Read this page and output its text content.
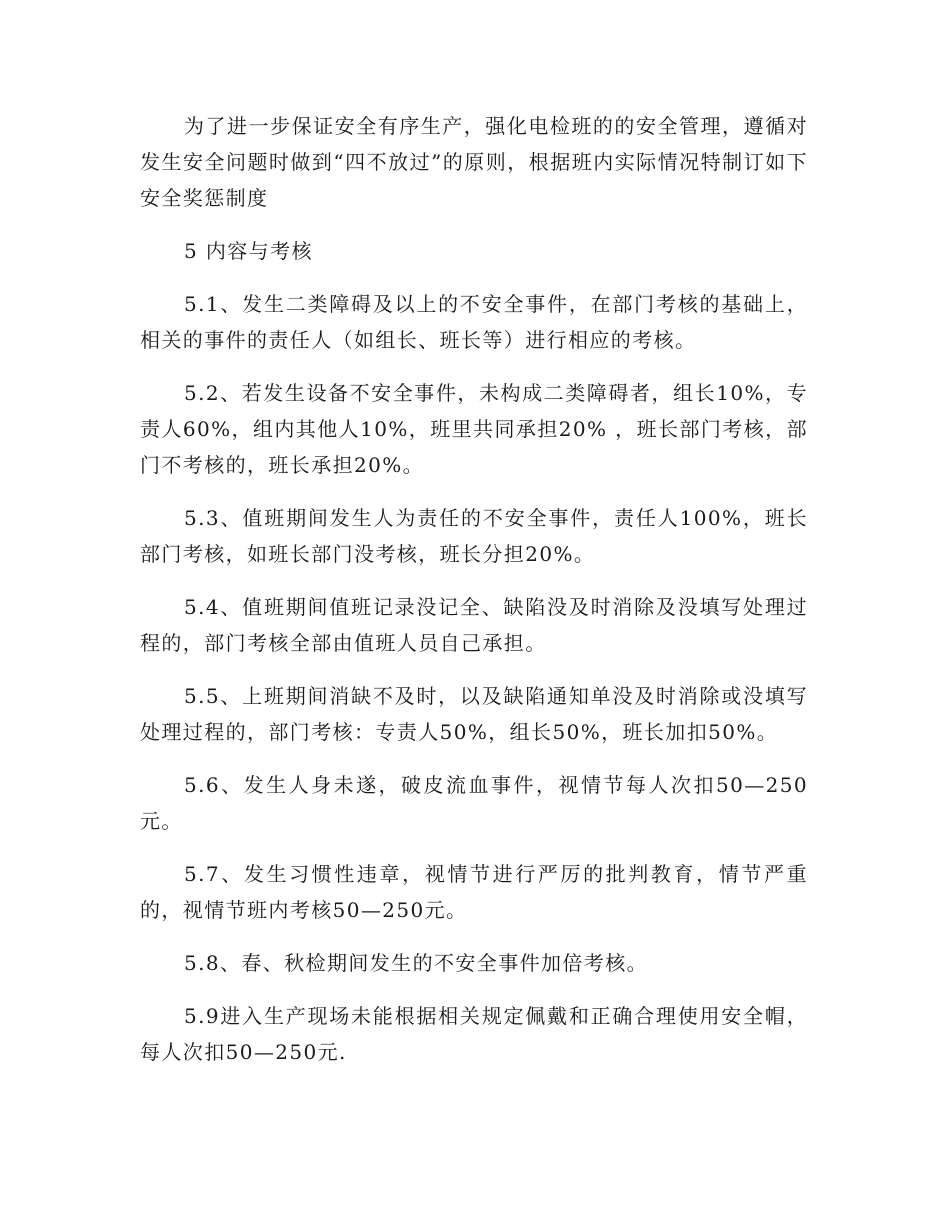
为了进一步保证安全有序生产，强化电检班的的安全管理，遵循对发生安全问题时做到“四不放过”的原则，根据班内实际情况特制订如下安全奖惩制度

5 内容与考核

5.1、发生二类障碍及以上的不安全事件，在部门考核的基础上，相关的事件的责任人（如组长、班长等）进行相应的考核。

5.2、若发生设备不安全事件，未构成二类障碍者，组长10%，专责人60%，组内其他人10%，班里共同承担20% ，班长部门考核，部门不考核的，班长承担20%。

5.3、值班期间发生人为责任的不安全事件，责任人100%，班长部门考核，如班长部门没考核，班长分担20%。

5.4、值班期间值班记录没记全、缺陷没及时消除及没填写处理过程的，部门考核全部由值班人员自己承担。

5.5、上班期间消缺不及时，以及缺陷通知单没及时消除或没填写处理过程的，部门考核：专责人50%，组长50%，班长加扣50%。

5.6、发生人身未遂，破皮流血事件，视情节每人次扣50—250元。

5.7、发生习惯性违章，视情节进行严厉的批判教育，情节严重的，视情节班内考核50—250元。

5.8、春、秋检期间发生的不安全事件加倍考核。

5.9进入生产现场未能根据相关规定佩戴和正确合理使用安全帽，每人次扣50—250元.
